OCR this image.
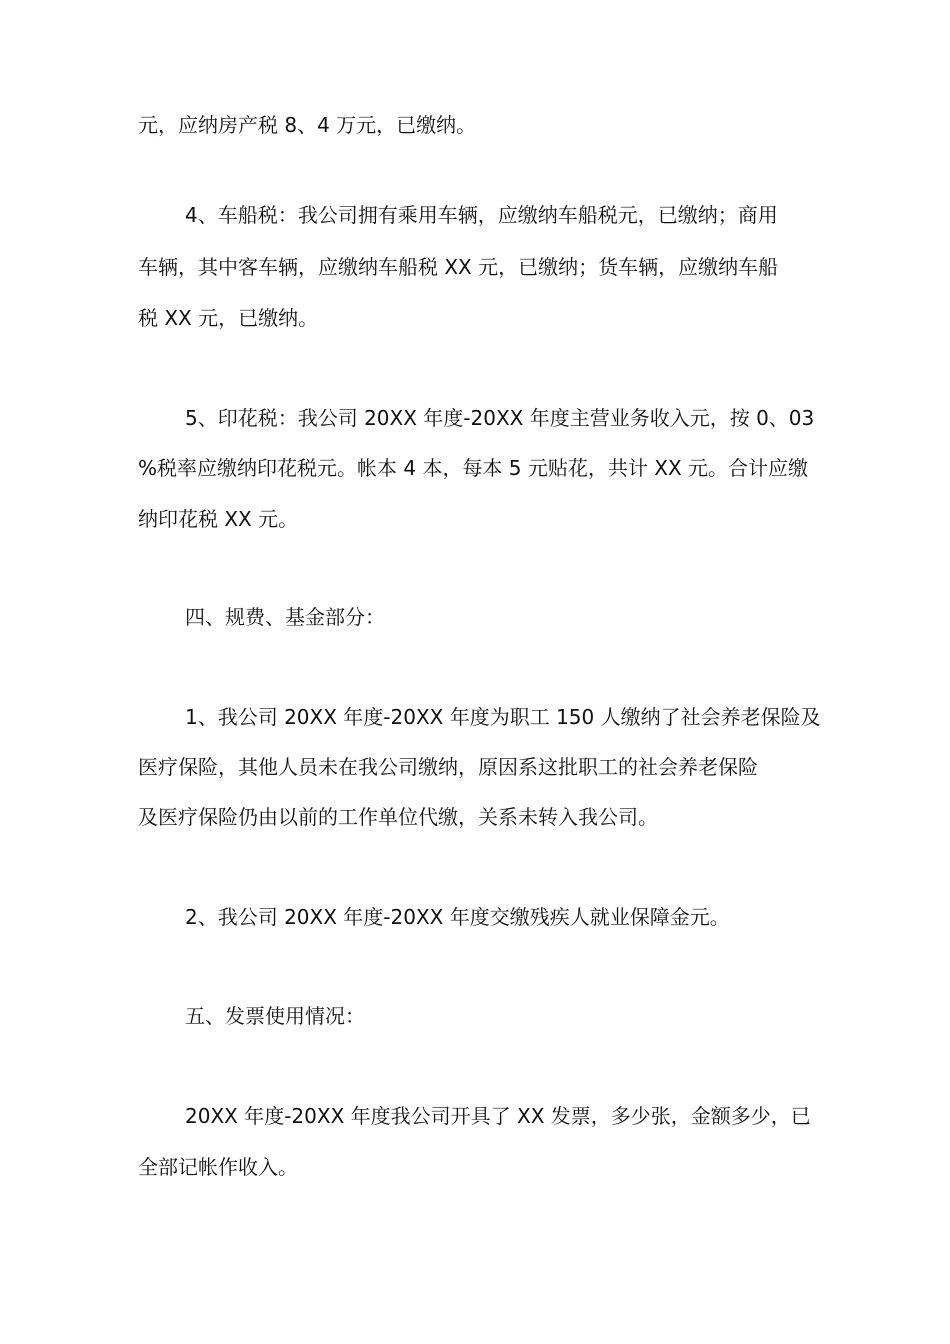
元，应纳房产税 8、4 万元，已缴纳。
4、车船税：我公司拥有乘用车辆，应缴纳车船税元，已缴纳；商用
车辆，其中客车辆，应缴纳车船税 XX 元，已缴纳；货车辆，应缴纳车船
税 XX 元，已缴纳。
5、印花税：我公司 20XX 年度-20XX 年度主营业务收入元，按 0、03
%税率应缴纳印花税元。帐本 4 本，每本 5 元贴花，共计 XX 元。合计应缴
纳印花税 XX 元。
四、规费、基金部分：
1、我公司 20XX 年度-20XX 年度为职工 150 人缴纳了社会养老保险及
医疗保险，其他人员未在我公司缴纳，原因系这批职工的社会养老保险
及医疗保险仍由以前的工作单位代缴，关系未转入我公司。
2、我公司 20XX 年度-20XX 年度交缴残疾人就业保障金元。
五、发票使用情况：
20XX 年度-20XX 年度我公司开具了 XX 发票，多少张，金额多少，已
全部记帐作收入。
